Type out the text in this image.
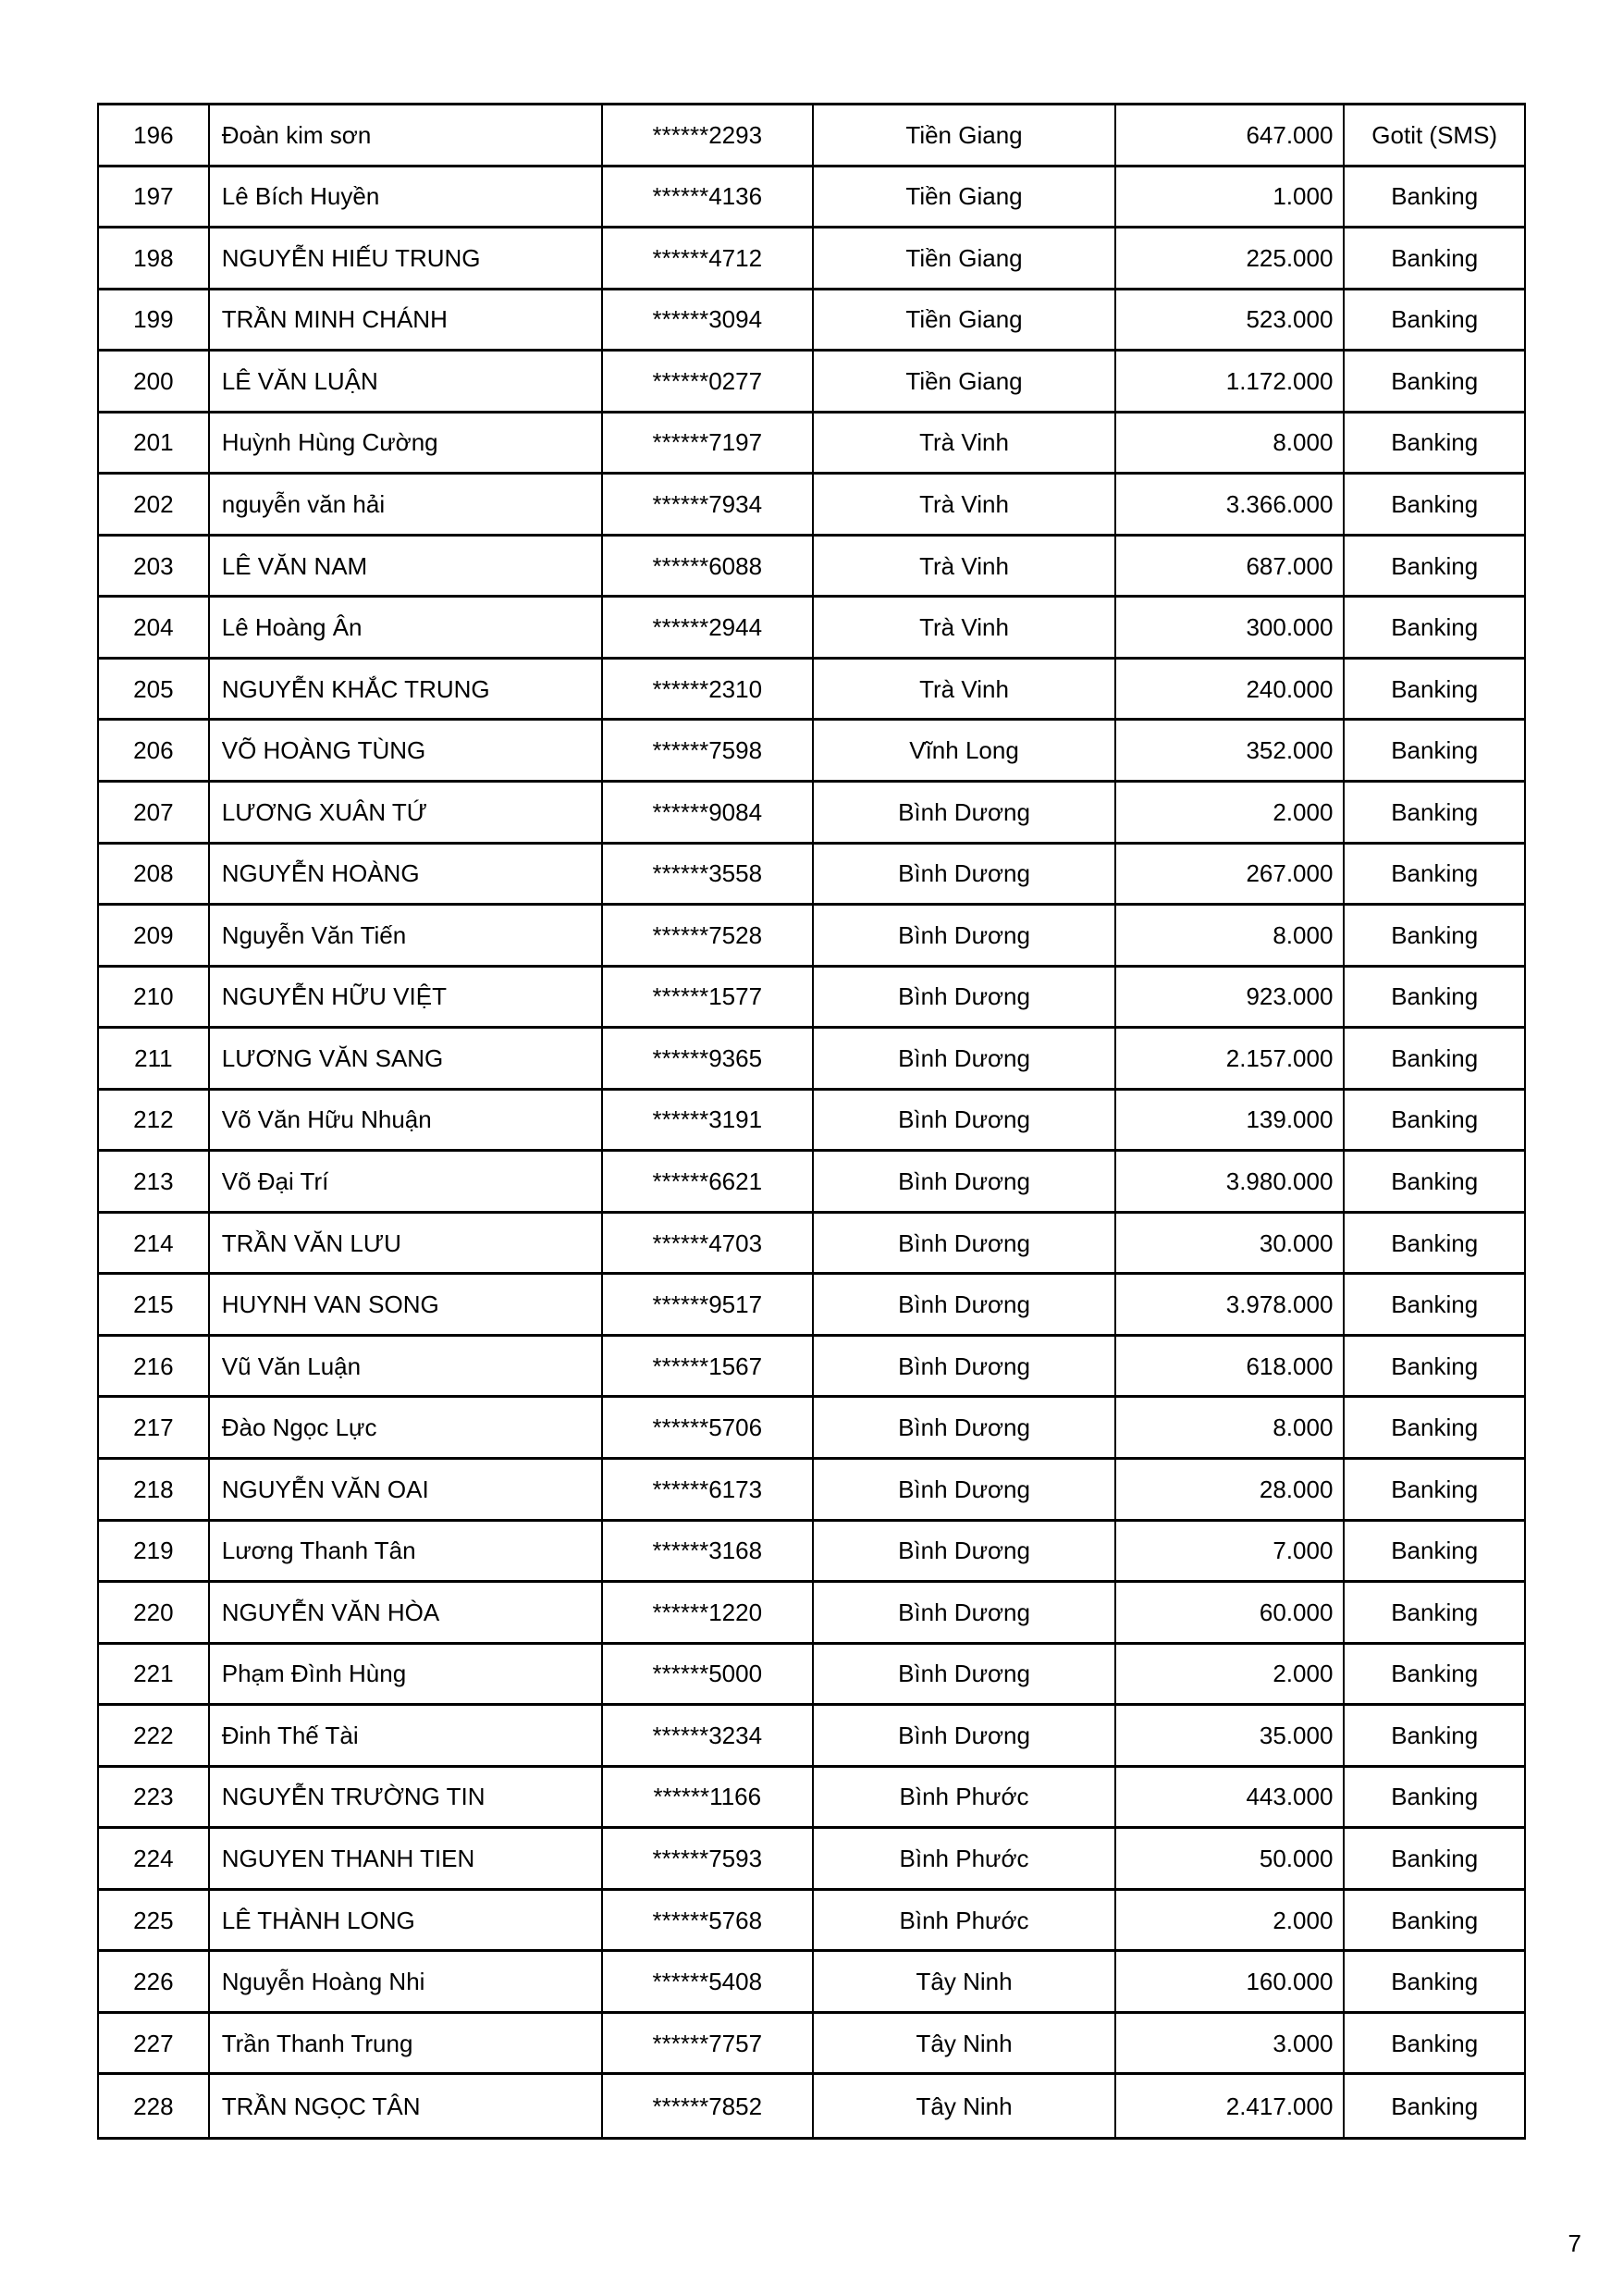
196	Đoàn kim sơn	******2293	Tiền Giang	647.000	Gotit (SMS)
197	Lê Bích Huyền	******4136	Tiền Giang	1.000	Banking
198	NGUYỄN HIẾU TRUNG	******4712	Tiền Giang	225.000	Banking
199	TRẦN MINH CHÁNH	******3094	Tiền Giang	523.000	Banking
200	LÊ VĂN LUẬN	******0277	Tiền Giang	1.172.000	Banking
201	Huỳnh Hùng Cường	******7197	Trà Vinh	8.000	Banking
202	nguyễn văn hải	******7934	Trà Vinh	3.366.000	Banking
203	LÊ VĂN NAM	******6088	Trà Vinh	687.000	Banking
204	Lê Hoàng Ân	******2944	Trà Vinh	300.000	Banking
205	NGUYỄN KHẮC TRUNG	******2310	Trà Vinh	240.000	Banking
206	VÕ HOÀNG TÙNG	******7598	Vĩnh Long	352.000	Banking
207	LƯƠNG XUÂN TỨ	******9084	Bình Dương	2.000	Banking
208	NGUYỄN HOÀNG	******3558	Bình Dương	267.000	Banking
209	Nguyễn Văn Tiến	******7528	Bình Dương	8.000	Banking
210	NGUYỄN HỮU VIỆT	******1577	Bình Dương	923.000	Banking
211	LƯƠNG VĂN SANG	******9365	Bình Dương	2.157.000	Banking
212	Võ Văn Hữu Nhuận	******3191	Bình Dương	139.000	Banking
213	Võ Đại Trí	******6621	Bình Dương	3.980.000	Banking
214	TRẦN VĂN LƯU	******4703	Bình Dương	30.000	Banking
215	HUYNH VAN SONG	******9517	Bình Dương	3.978.000	Banking
216	Vũ Văn Luận	******1567	Bình Dương	618.000	Banking
217	Đào Ngọc Lực	******5706	Bình Dương	8.000	Banking
218	NGUYỄN VĂN OAI	******6173	Bình Dương	28.000	Banking
219	Lương Thanh Tân	******3168	Bình Dương	7.000	Banking
220	NGUYỄN VĂN HÒA	******1220	Bình Dương	60.000	Banking
221	Phạm Đình Hùng	******5000	Bình Dương	2.000	Banking
222	Đinh Thế Tài	******3234	Bình Dương	35.000	Banking
223	NGUYỄN TRƯỜNG TIN	******1166	Bình Phước	443.000	Banking
224	NGUYEN THANH TIEN	******7593	Bình Phước	50.000	Banking
225	LÊ THÀNH LONG	******5768	Bình Phước	2.000	Banking
226	Nguyễn Hoàng Nhi	******5408	Tây Ninh	160.000	Banking
227	Trần Thanh Trung	******7757	Tây Ninh	3.000	Banking
228	TRẦN NGỌC TÂN	******7852	Tây Ninh	2.417.000	Banking
7
